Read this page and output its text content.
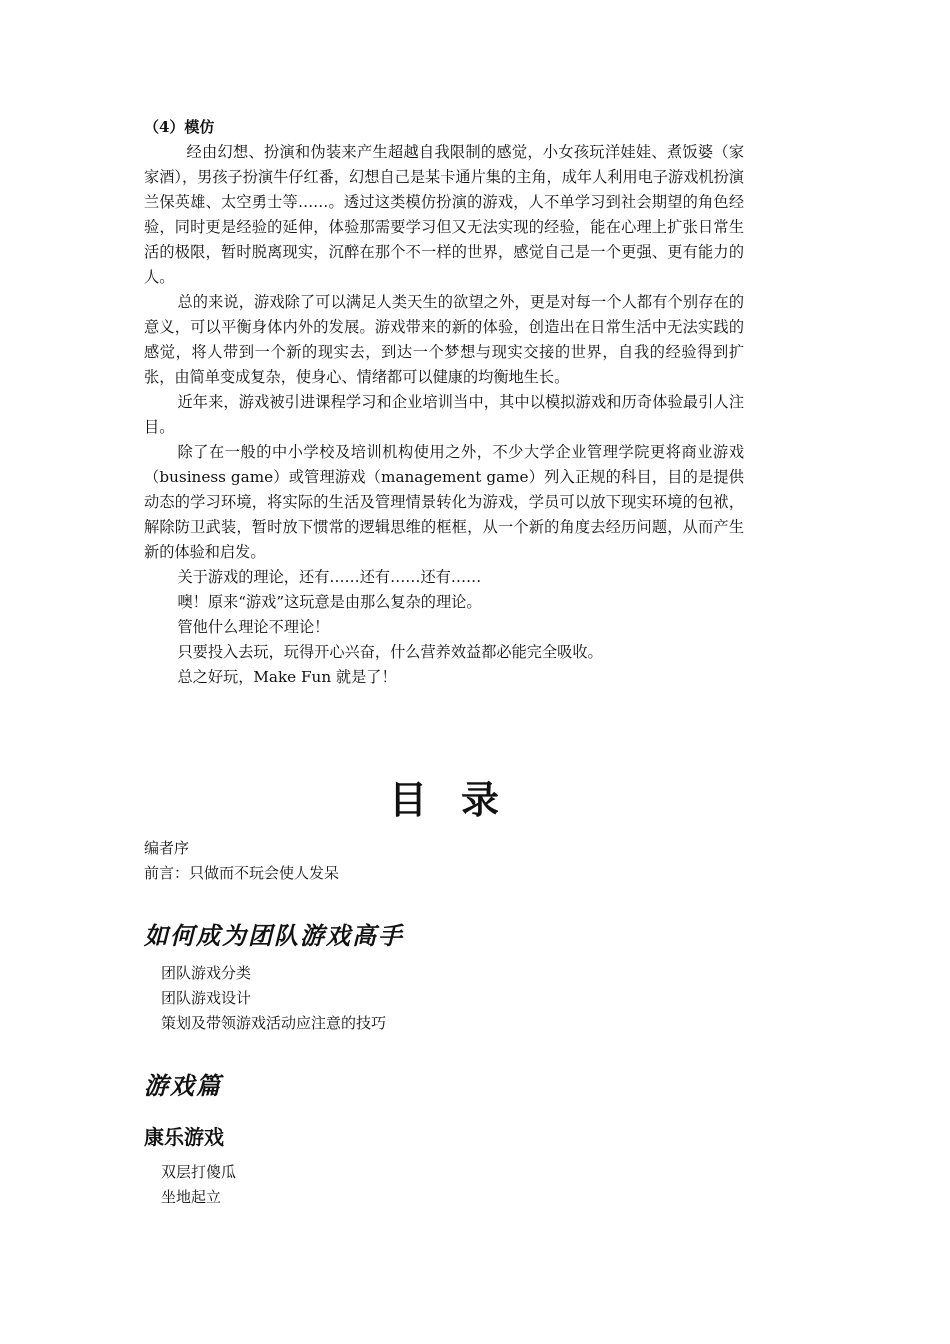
（4）模仿

经由幻想、扮演和伪装来产生超越自我限制的感觉，小女孩玩洋娃娃、煮饭婆（家家酒），男孩子扮演牛仔红番，幻想自己是某卡通片集的主角，成年人利用电子游戏机扮演兰保英雄、太空勇士等……。透过这类模仿扮演的游戏，人不单学习到社会期望的角色经验，同时更是经验的延伸，体验那需要学习但又无法实现的经验，能在心理上扩张日常生活的极限，暂时脱离现实，沉醉在那个不一样的世界，感觉自己是一个更强、更有能力的人。

总的来说，游戏除了可以满足人类天生的欲望之外，更是对每一个人都有个别存在的意义，可以平衡身体内外的发展。游戏带来的新的体验，创造出在日常生活中无法实践的感觉，将人带到一个新的现实去，到达一个梦想与现实交接的世界，自我的经验得到扩张，由简单变成复杂，使身心、情绪都可以健康的均衡地生长。

近年来，游戏被引进课程学习和企业培训当中，其中以模拟游戏和历奇体验最引人注目。

除了在一般的中小学校及培训机构使用之外，不少大学企业管理学院更将商业游戏（business game）或管理游戏（management game）列入正规的科目，目的是提供动态的学习环境，将实际的生活及管理情景转化为游戏，学员可以放下现实环境的包袱，解除防卫武装，暂时放下惯常的逻辑思维的框框，从一个新的角度去经历问题，从而产生新的体验和启发。

关于游戏的理论，还有……还有……还有……

噢！原来“游戏”这玩意是由那么复杂的理论。

管他什么理论不理论！

只要投入去玩，玩得开心兴奋，什么营养效益都必能完全吸收。

总之好玩，Make Fun 就是了！

目录
编者序
前言：只做而不玩会使人发呆
如何成为团队游戏高手
团队游戏分类
团队游戏设计
策划及带领游戏活动应注意的技巧
游戏篇
康乐游戏
双层打傻瓜
坐地起立
